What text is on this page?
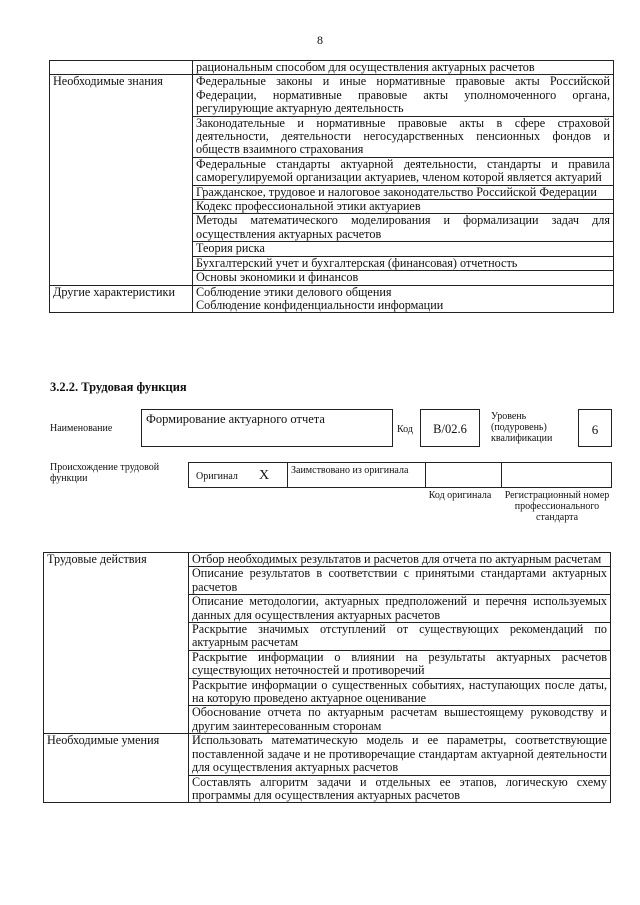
8
	рациональным способом для осуществления актуарных расчетов
Необходимые знания	Федеральные законы и иные нормативные правовые акты Российской Федерации, нормативные правовые акты уполномоченного органа, регулирующие актуарную деятельность
	Законодательные и нормативные правовые акты в сфере страховой деятельности, деятельности негосударственных пенсионных фондов и обществ взаимного страхования
	Федеральные стандарты актуарной деятельности, стандарты и правила саморегулируемой организации актуариев, членом которой является актуарий
	Гражданское, трудовое и налоговое законодательство Российской Федерации
	Кодекс профессиональной этики актуариев
	Методы математического моделирования и формализации задач для осуществления актуарных расчетов
	Теория риска
	Бухгалтерский учет и бухгалтерская (финансовая) отчетность
	Основы экономики и финансов
Другие характеристики	Соблюдение этики делового общения
	Соблюдение конфиденциальности информации
3.2.2. Трудовая функция
Наименование
Формирование актуарного отчета
Код	B/02.6
Уровень (подуровень) квалификации
6
Происхождение трудовой функции	Оригинал X Заимствовано из оригинала
Код оригинала	Регистрационный номер профессионального стандарта
Трудовые действия	Отбор необходимых результатов и расчетов для отчета по актуарным расчетам
	Описание результатов в соответствии с принятыми стандартами актуарных расчетов
	Описание методологии, актуарных предположений и перечня используемых данных для осуществления актуарных расчетов
	Раскрытие значимых отступлений от существующих рекомендаций по актуарным расчетам
	Раскрытие информации о влиянии на результаты актуарных расчетов существующих неточностей и противоречий
	Раскрытие информации о существенных событиях, наступающих после даты, на которую проведено актуарное оценивание
	Обоснование отчета по актуарным расчетам вышестоящему руководству и другим заинтересованным сторонам
Необходимые умения	Использовать математическую модель и ее параметры, соответствующие поставленной задаче и не противоречащие стандартам актуарной деятельности для осуществления актуарных расчетов
	Составлять алгоритм задачи и отдельных ее этапов, логическую схему программы для осуществления актуарных расчетов
